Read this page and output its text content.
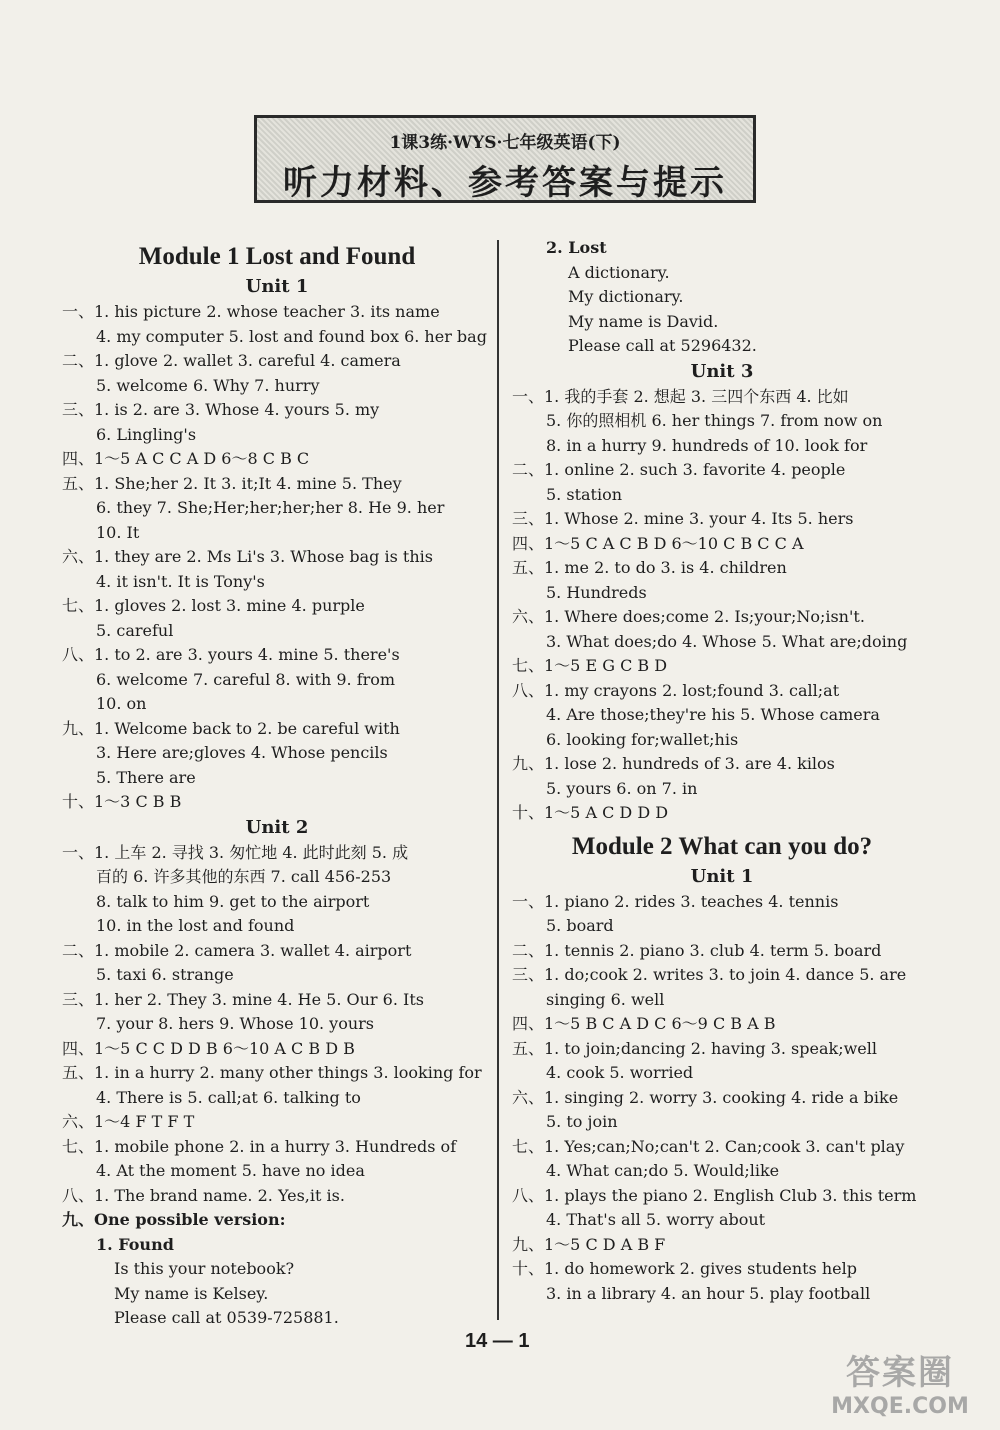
1课3练·WYS·七年级英语(下)
听力材料、参考答案与提示
Module 1 Lost and Found
Unit 1
一、1. his picture 2. whose teacher 3. its name
4. my computer 5. lost and found box 6. her bag
二、1. glove 2. wallet 3. careful 4. camera
5. welcome 6. Why 7. hurry
三、1. is 2. are 3. Whose 4. yours 5. my
6. Lingling's
四、1～5 A C C A D 6～8 C B C
五、1. She;her 2. It 3. it;It 4. mine 5. They
6. they 7. She;Her;her;her;her 8. He 9. her
10. It
六、1. they are 2. Ms Li's 3. Whose bag is this
4. it isn't. It is Tony's
七、1. gloves 2. lost 3. mine 4. purple
5. careful
八、1. to 2. are 3. yours 4. mine 5. there's
6. welcome 7. careful 8. with 9. from
10. on
九、1. Welcome back to 2. be careful with
3. Here are;gloves 4. Whose pencils
5. There are
十、1～3 C B B
Unit 2
一、1. 上车 2. 寻找 3. 匆忙地 4. 此时此刻 5. 成
百的 6. 许多其他的东西 7. call 456-253
8. talk to him 9. get to the airport
10. in the lost and found
二、1. mobile 2. camera 3. wallet 4. airport
5. taxi 6. strange
三、1. her 2. They 3. mine 4. He 5. Our 6. Its
7. your 8. hers 9. Whose 10. yours
四、1～5 C C D D B 6～10 A C B D B
五、1. in a hurry 2. many other things 3. looking for
4. There is 5. call;at 6. talking to
六、1～4 F T F T
七、1. mobile phone 2. in a hurry 3. Hundreds of
4. At the moment 5. have no idea
八、1. The brand name. 2. Yes,it is.
九、One possible version:
1. Found
Is this your notebook?
My name is Kelsey.
Please call at 0539-725881.
2. Lost
A dictionary.
My dictionary.
My name is David.
Please call at 5296432.
Unit 3
一、1. 我的手套 2. 想起 3. 三四个东西 4. 比如
5. 你的照相机 6. her things 7. from now on
8. in a hurry 9. hundreds of 10. look for
二、1. online 2. such 3. favorite 4. people
5. station
三、1. Whose 2. mine 3. your 4. Its 5. hers
四、1～5 C A C B D 6～10 C B C C A
五、1. me 2. to do 3. is 4. children
5. Hundreds
六、1. Where does;come 2. Is;your;No;isn't.
3. What does;do 4. Whose 5. What are;doing
七、1～5 E G C B D
八、1. my crayons 2. lost;found 3. call;at
4. Are those;they're his 5. Whose camera
6. looking for;wallet;his
九、1. lose 2. hundreds of 3. are 4. kilos
5. yours 6. on 7. in
十、1～5 A C D D D
Module 2 What can you do?
Unit 1
一、1. piano 2. rides 3. teaches 4. tennis
5. board
二、1. tennis 2. piano 3. club 4. term 5. board
三、1. do;cook 2. writes 3. to join 4. dance 5. are
singing 6. well
四、1～5 B C A D C 6～9 C B A B
五、1. to join;dancing 2. having 3. speak;well
4. cook 5. worried
六、1. singing 2. worry 3. cooking 4. ride a bike
5. to join
七、1. Yes;can;No;can't 2. Can;cook 3. can't play
4. What can;do 5. Would;like
八、1. plays the piano 2. English Club 3. this term
4. That's all 5. worry about
九、1～5 C D A B F
十、1. do homework 2. gives students help
3. in a library 4. an hour 5. play football
14 — 1
答案圈
MXQE.COM
